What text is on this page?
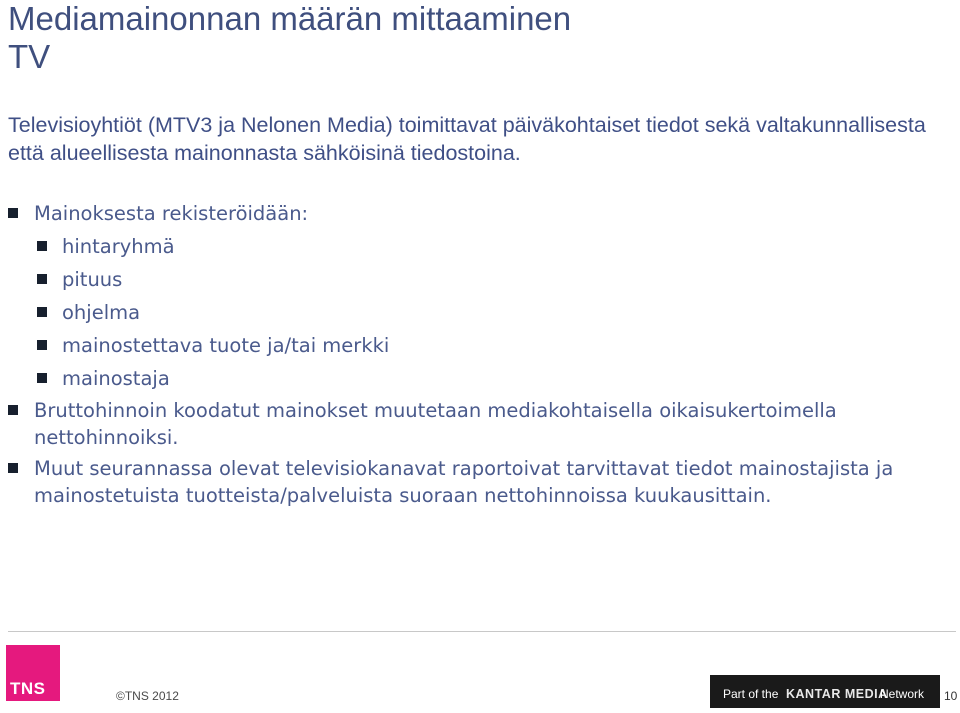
Mediamainonnan määrän mittaaminen
TV

Televisioyhtiöt (MTV3 ja Nelonen Media) toimittavat päiväkohtaiset tiedot sekä valtakunnallisesta että alueellisesta mainonnasta sähköisinä tiedostoina.

Mainoksesta rekisteröidään:
hintaryhmä
pituus
ohjelma
mainostettava tuote ja/tai merkki
mainostaja
Bruttohinnoin koodatut mainokset muutetaan mediakohtaisella oikaisukertoimella nettohinnoiksi.
Muut seurannassa olevat televisiokanavat raportoivat tarvittavat tiedot mainostajista ja mainostetuista tuotteista/palveluista suoraan nettohinnoissa kuukausittain.
TNS	©TNS 2012	Part of the KANTAR MEDIA
Network 10
